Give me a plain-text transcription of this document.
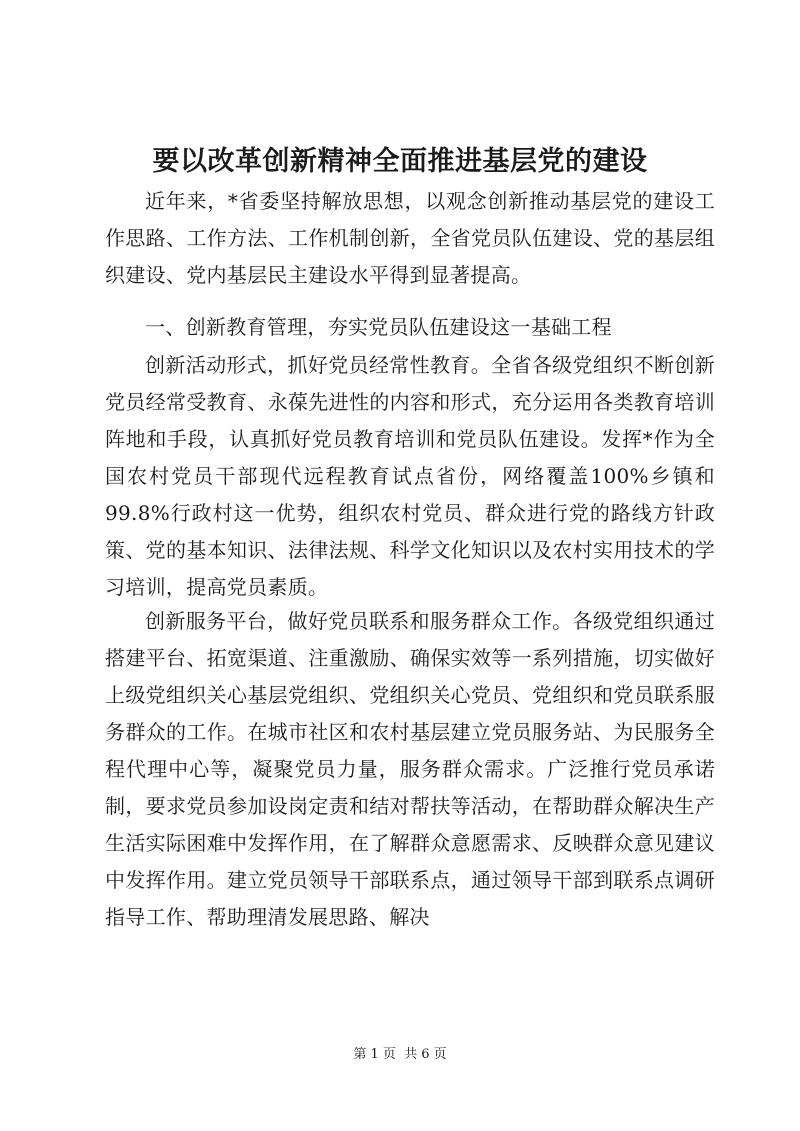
要以改革创新精神全面推进基层党的建设

近年来，*省委坚持解放思想，以观念创新推动基层党的建设工作思路、工作方法、工作机制创新，全省党员队伍建设、党的基层组织建设、党内基层民主建设水平得到显著提高。

一、创新教育管理，夯实党员队伍建设这一基础工程

创新活动形式，抓好党员经常性教育。全省各级党组织不断创新党员经常受教育、永葆先进性的内容和形式，充分运用各类教育培训阵地和手段，认真抓好党员教育培训和党员队伍建设。发挥*作为全国农村党员干部现代远程教育试点省份，网络覆盖100%乡镇和99.8%行政村这一优势，组织农村党员、群众进行党的路线方针政策、党的基本知识、法律法规、科学文化知识以及农村实用技术的学习培训，提高党员素质。

创新服务平台，做好党员联系和服务群众工作。各级党组织通过搭建平台、拓宽渠道、注重激励、确保实效等一系列措施，切实做好上级党组织关心基层党组织、党组织关心党员、党组织和党员联系服务群众的工作。在城市社区和农村基层建立党员服务站、为民服务全程代理中心等，凝聚党员力量，服务群众需求。广泛推行党员承诺制，要求党员参加设岗定责和结对帮扶等活动，在帮助群众解决生产生活实际困难中发挥作用，在了解群众意愿需求、反映群众意见建议中发挥作用。建立党员领导干部联系点，通过领导干部到联系点调研指导工作、帮助理清发展思路、解决

第 1 页 共 6 页
